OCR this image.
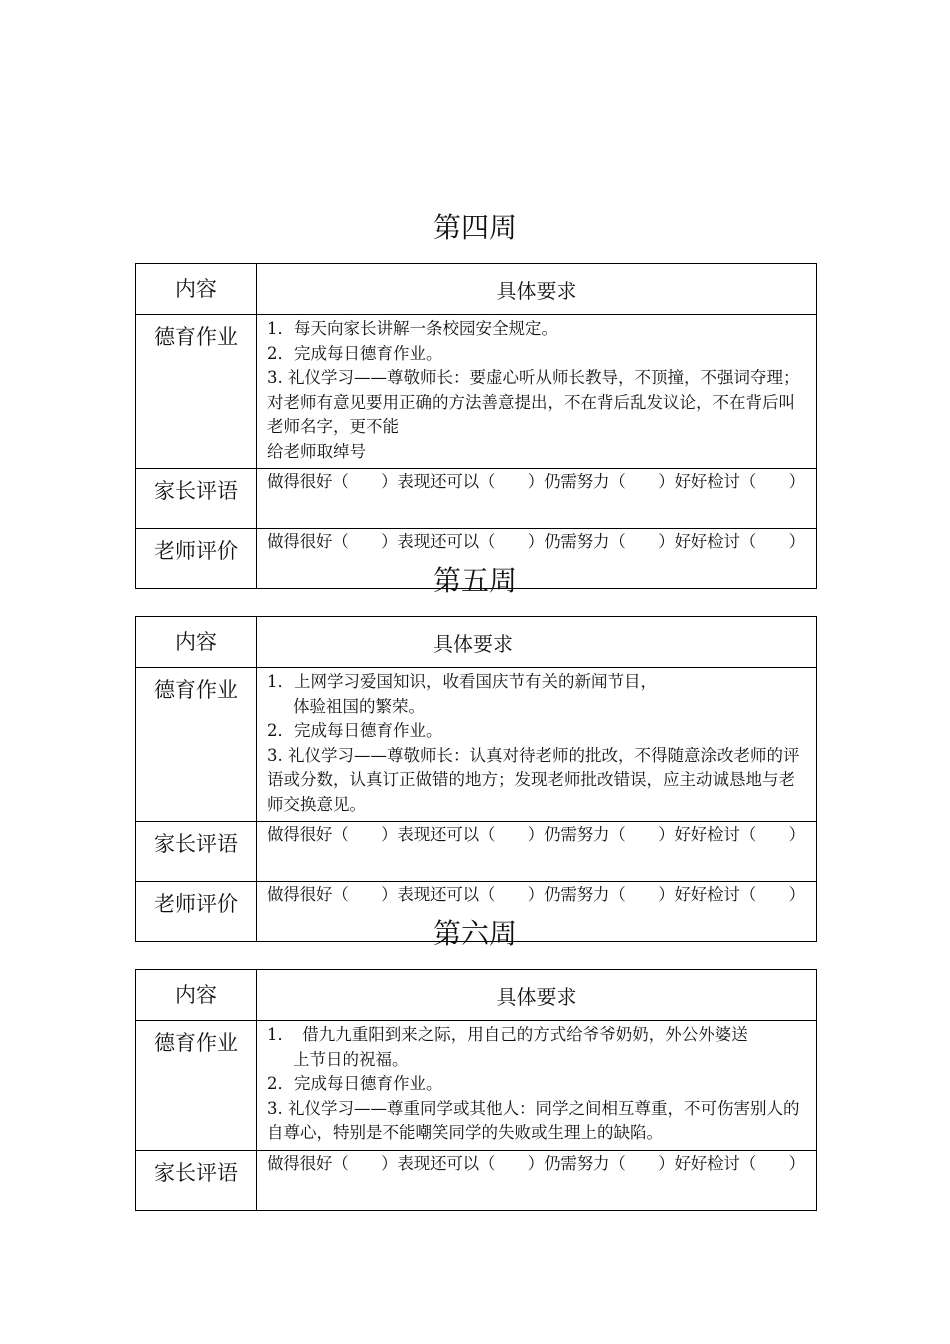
第四周
内容	具体要求
德育作业	1．每天向家长讲解一条校园安全规定。

2．完成每日德育作业。

3. 礼仪学习——尊敬师长：要虚心听从师长教导，不顶撞，不强词夺理；对老师有意见要用正确的方法善意提出，不在背后乱发议论，不在背后叫老师名字，更不能

给老师取绰号

家长评语	做得很好（　　）表现还可以（　　）仍需努力（　　）好好检讨（　　）
老师评价	做得很好（　　）表现还可以（　　）仍需努力（　　）好好检讨（　　）
第五周
内容	具体要求
德育作业	1．上网学习爱国知识，收看国庆节有关的新闻节目，

体验祖国的繁荣。

2．完成每日德育作业。

3. 礼仪学习——尊敬师长：认真对待老师的批改，不得随意涂改老师的评语或分数，认真订正做错的地方；发现老师批改错误，应主动诚恳地与老师交换意见。

家长评语	做得很好（　　）表现还可以（　　）仍需努力（　　）好好检讨（　　）
老师评价	做得很好（　　）表现还可以（　　）仍需努力（　　）好好检讨（　　）
第六周
内容	具体要求
德育作业	1．　借九九重阳到来之际，用自己的方式给爷爷奶奶，外公外婆送

上节日的祝福。

2．完成每日德育作业。

3. 礼仪学习——尊重同学或其他人：同学之间相互尊重，不可伤害别人的自尊心，特别是不能嘲笑同学的失败或生理上的缺陷。

家长评语	做得很好（　　）表现还可以（　　）仍需努力（　　）好好检讨（　　）
